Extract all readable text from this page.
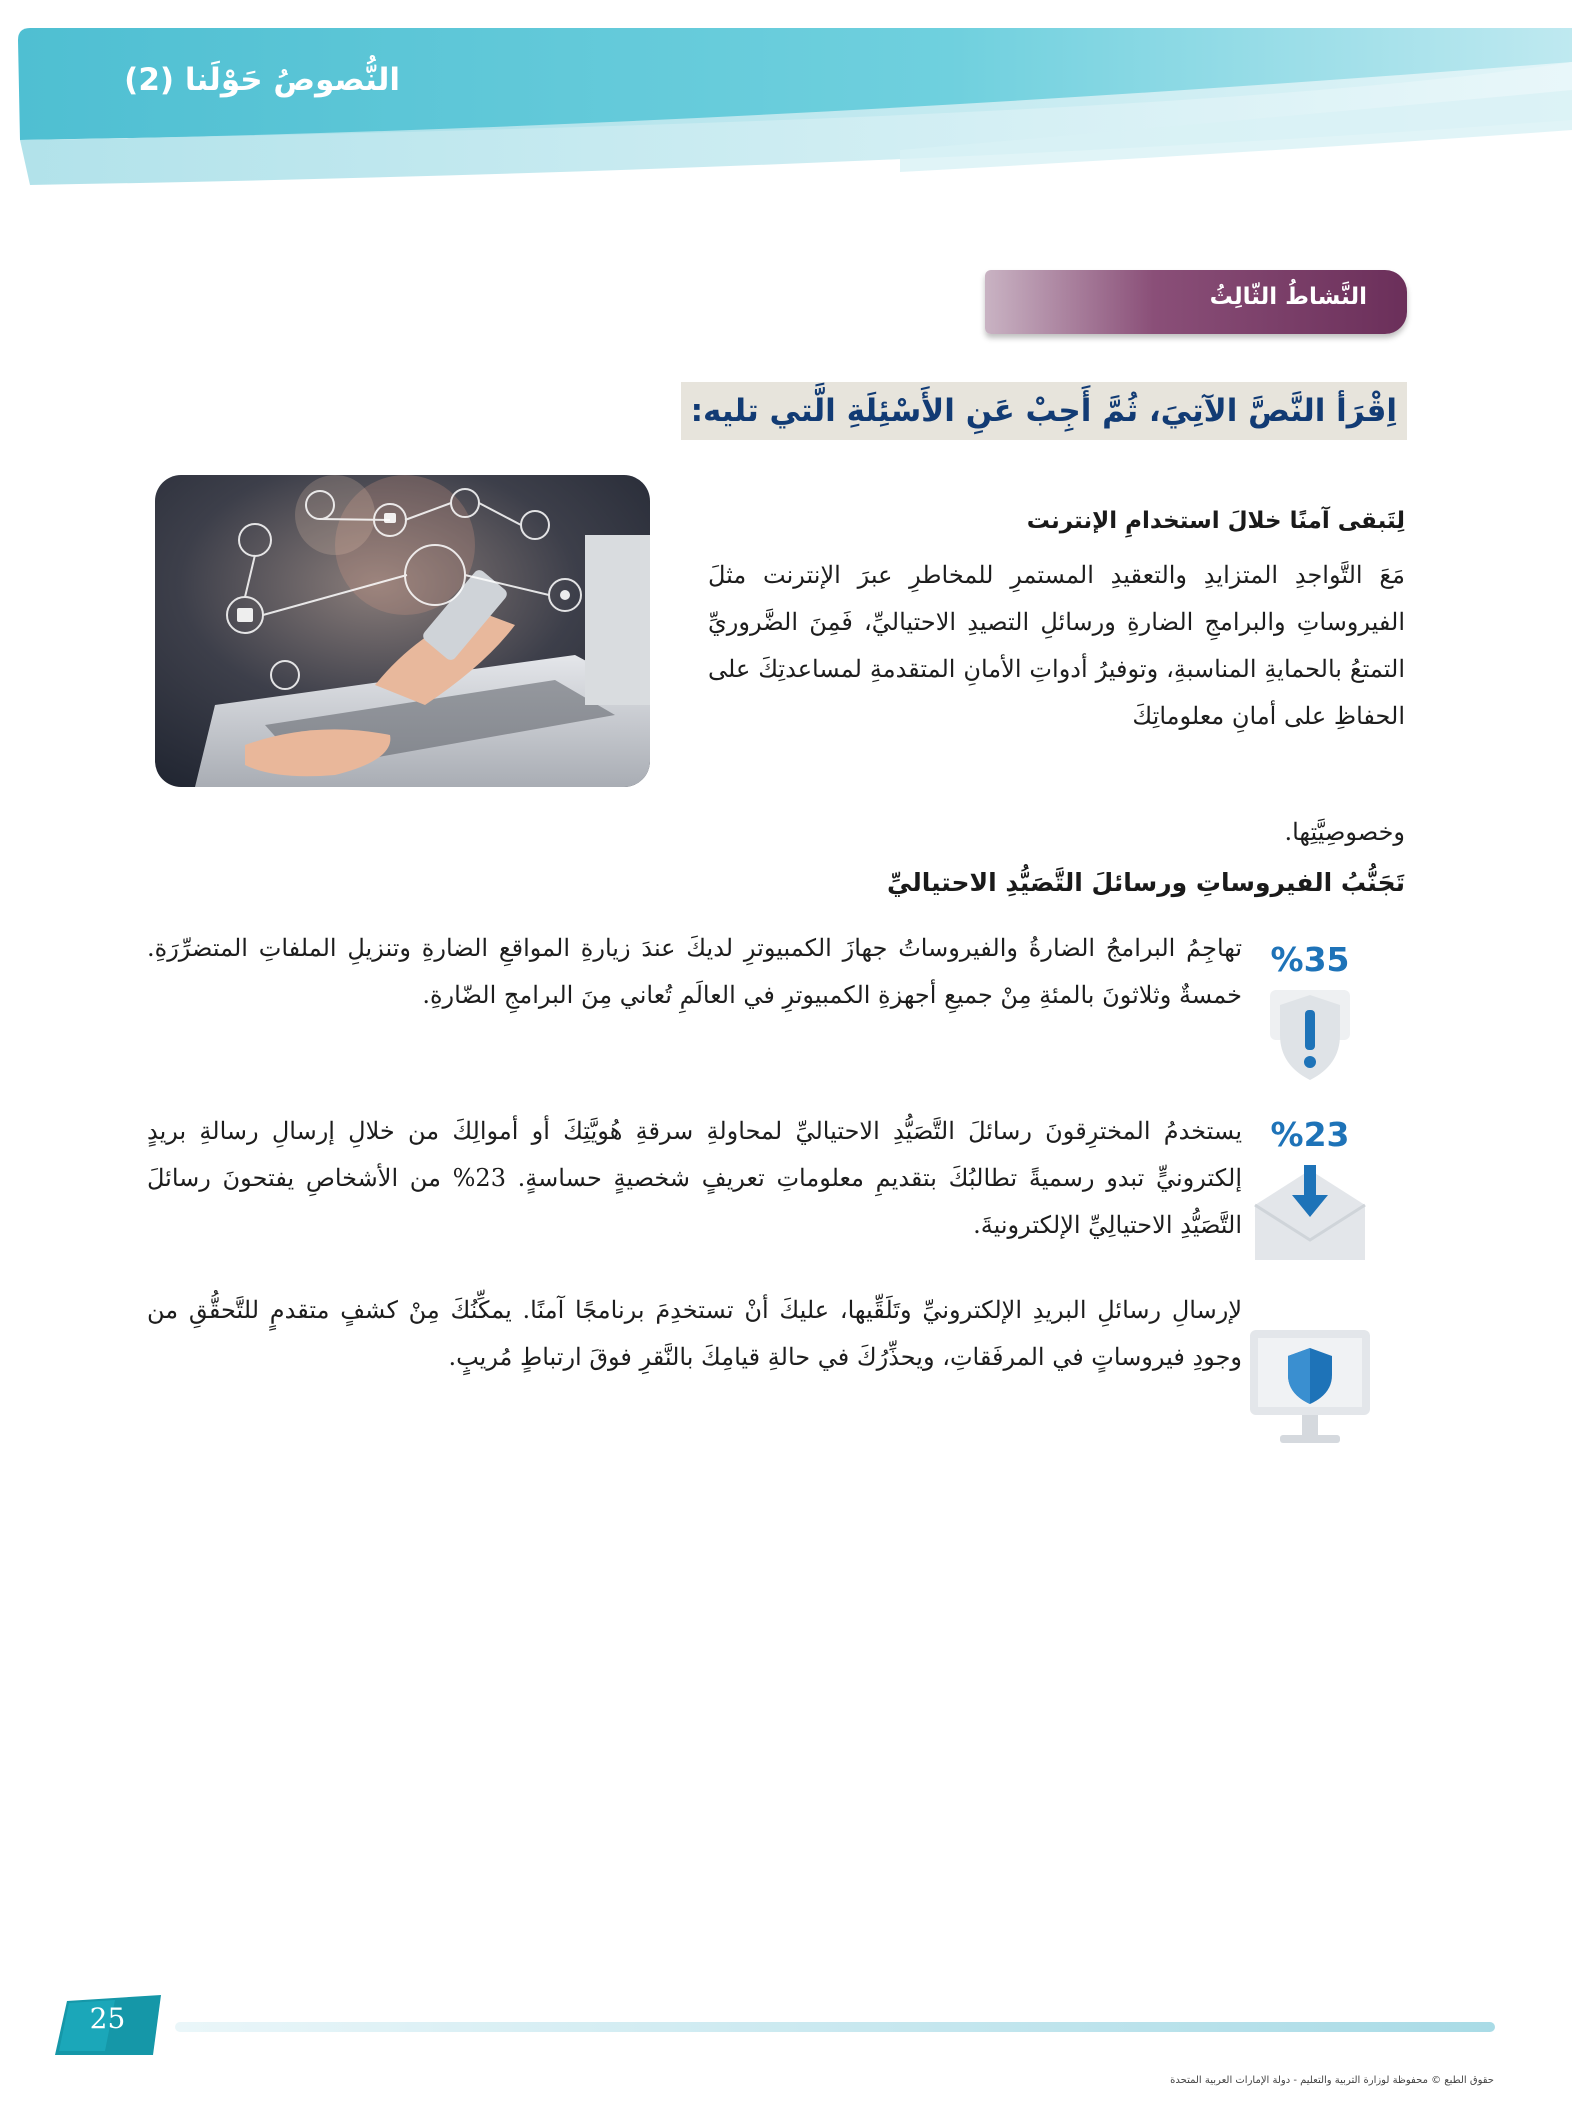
النُّصوصُ حَوْلَنا (2)
النَّشاطُ الثّالِثُ
اِقْرَأ النَّصَّ الآتِيَ، ثُمَّ أَجِبْ عَنِ الأَسْئِلَةِ الَّتي تليه:
لِتَبقى آمنًا خلالَ استخدامِ الإنترنت
مَعَ التَّواجدِ المتزايدِ والتعقيدِ المستمرِ للمخاطرِ عبرَ الإنترنت مثلَ الفيروساتِ والبرامجِ الضارةِ ورسائلِ التصيدِ الاحتياليِّ، فَمِنَ الضَّروريِّ التمتعُ بالحمايةِ المناسبةِ، وتوفيرُ أدواتِ الأمانِ المتقدمةِ لمساعدتِكَ على الحفاظِ على أمانِ معلوماتِكَ
وخصوصِيَّتِها.
تَجَنُّبُ الفيروساتِ ورسائلَ التَّصَيُّدِ الاحتياليِّ
%35
تهاجِمُ البرامجُ الضارةُ والفيروساتُ جهازَ الكمبيوترِ لديكَ عندَ زيارةِ المواقعِ الضارةِ وتنزيلِ الملفاتِ المتضرِّرَةِ. خمسةٌ وثلاثونَ بالمئةِ مِنْ جميعِ أجهزةِ الكمبيوترِ في العالَمِ تُعاني مِنَ البرامجِ الضّارةِ.
%23
يستخدمُ المخترِقونَ رسائلَ التَّصَيُّدِ الاحتياليِّ لمحاولةِ سرقةِ هُويَّتِكَ أو أموالِكَ من خلالِ إرسالِ رسالةِ بريدٍ إلكترونيٍّ تبدو رسميةً تطالبُكَ بتقديمِ معلوماتِ تعريفٍ شخصيةٍ حساسةٍ. 23% من الأشخاصِ يفتحونَ رسائلَ التَّصَيُّدِ الاحتيالِيِّ الإلكترونيةَ.
لإرسالِ رسائلِ البريدِ الإلكترونيِّ وتَلَقِّيها، عليكَ أنْ تستخدِمَ برنامجًا آمنًا. يمكِّنُكَ مِنْ كشفٍ متقدمٍ للتَّحقُّقِ من وجودِ فيروساتٍ في المرفَقاتِ، ويحذِّرُكَ في حالةِ قيامِكَ بالنَّقرِ فوقَ ارتباطٍ مُريبٍ.
25
حقوق الطبع © محفوظة لوزارة التربية والتعليم - دولة الإمارات العربية المتحدة
